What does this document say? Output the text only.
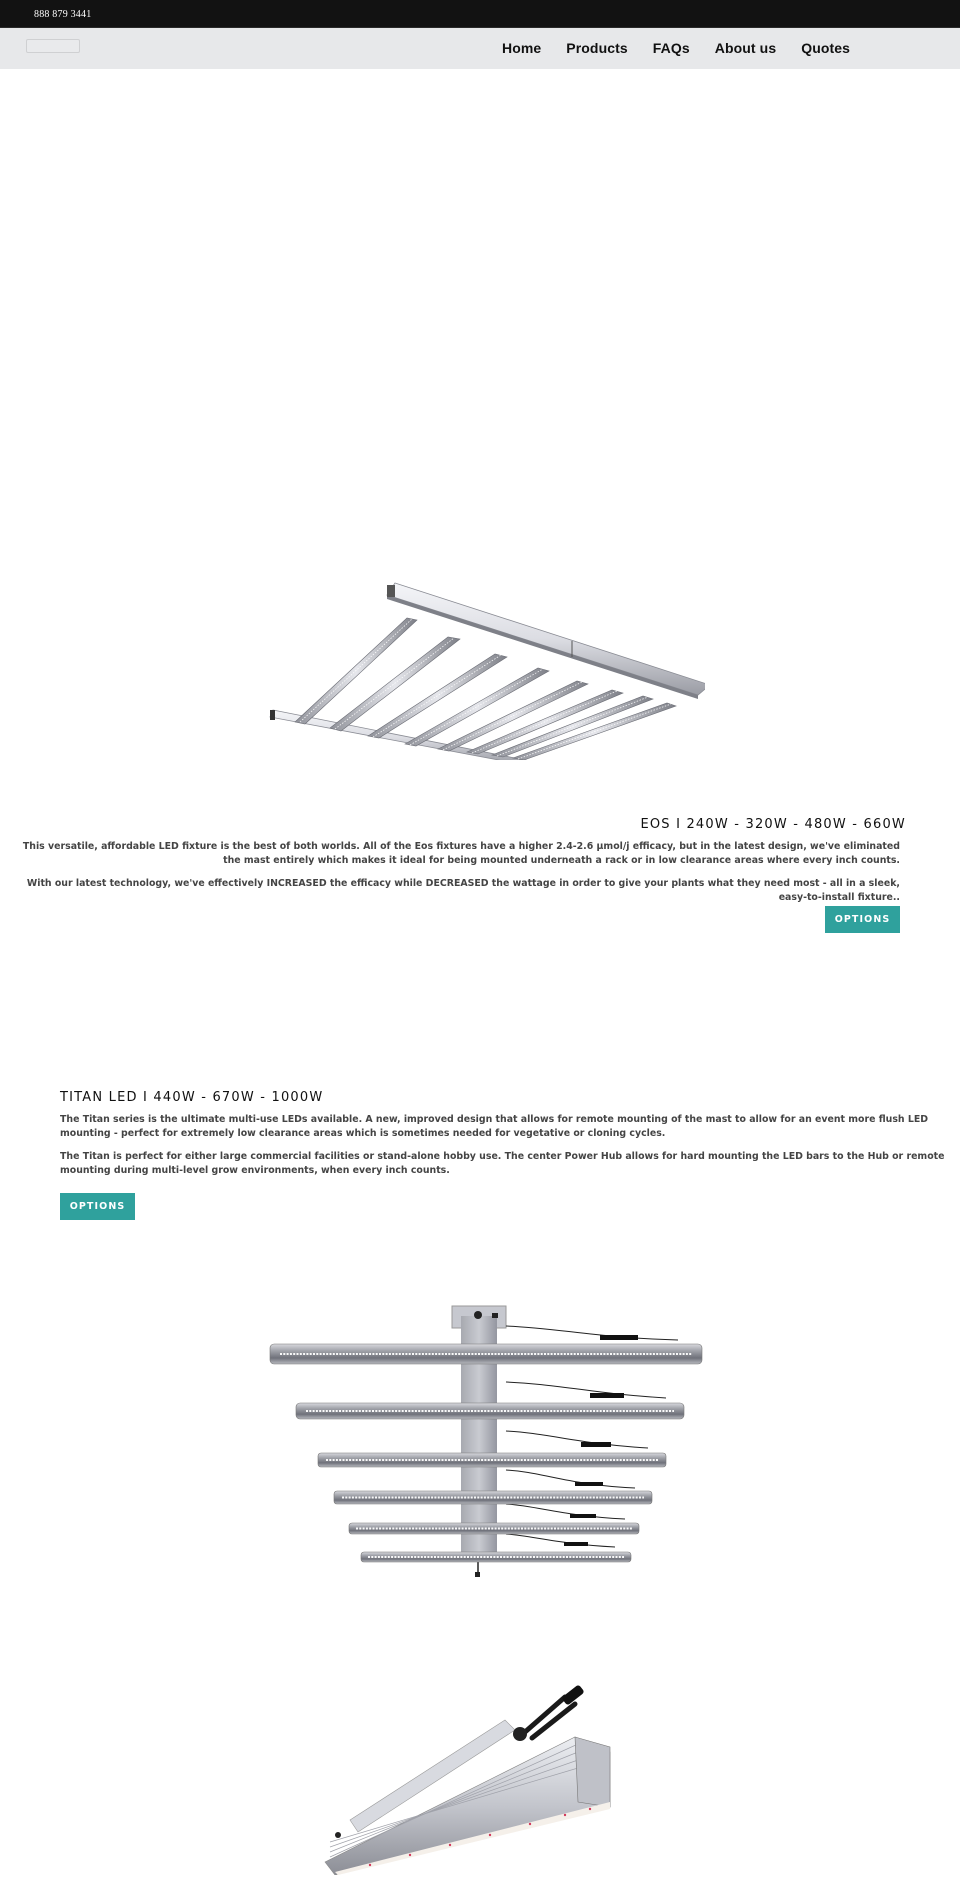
888 879 3441
Home Products FAQs About us Quotes
EOS I 240W - 320W - 480W - 660W

This versatile, affordable LED fixture is the best of both worlds. All of the Eos fixtures have a higher 2.4-2.6 µmol/j efficacy, but in the latest design, we've eliminated the mast entirely which makes it ideal for being mounted underneath a rack or in low clearance areas where every inch counts.

With our latest technology, we've effectively INCREASED the efficacy while DECREASED the wattage in order to give your plants what they need most - all in a sleek, easy-to-install fixture..

OPTIONS
TITAN LED I 440W - 670W - 1000W

The Titan series is the ultimate multi-use LEDs available. A new, improved design that allows for remote mounting of the mast to allow for an event more flush LED mounting - perfect for extremely low clearance areas which is sometimes needed for vegetative or cloning cycles.

The Titan is perfect for either large commercial facilities or stand-alone hobby use. The center Power Hub allows for hard mounting the LED bars to the Hub or remote mounting during multi-level grow environments, when every inch counts.

OPTIONS
